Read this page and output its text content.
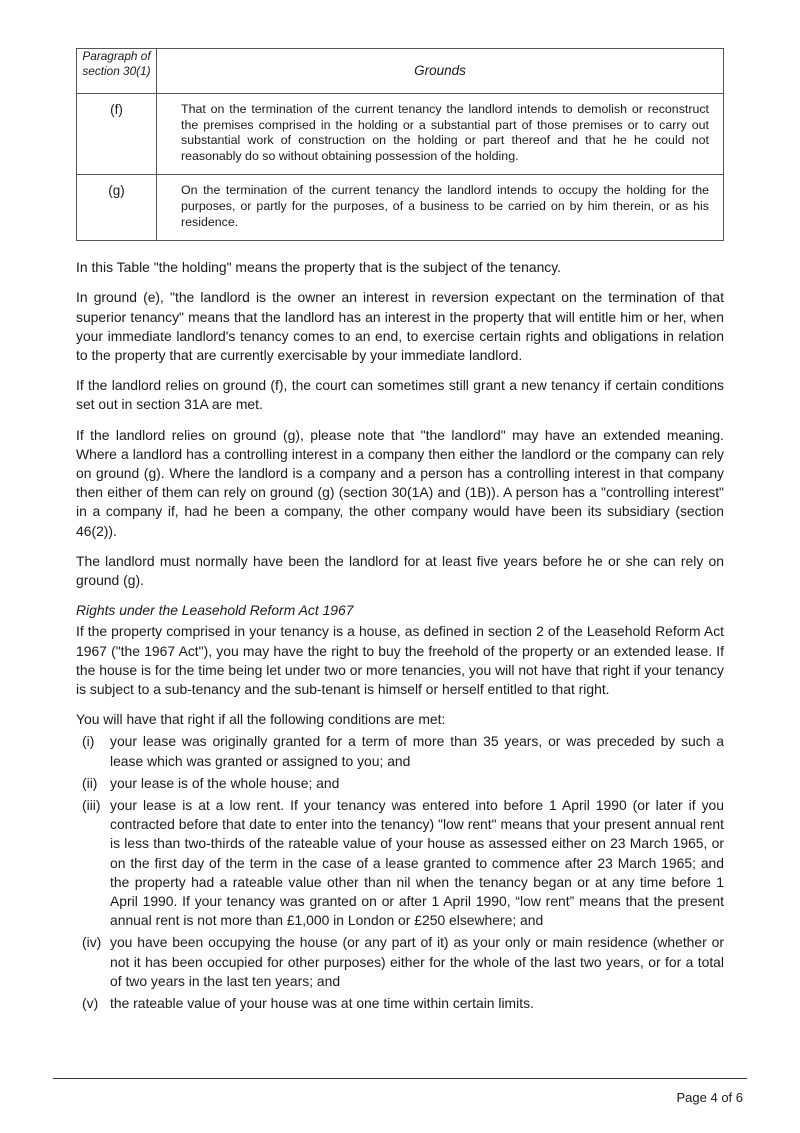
Paragraph of section 30(1)	Grounds
(f)	That on the termination of the current tenancy the landlord intends to demolish or reconstruct the premises comprised in the holding or a substantial part of those premises or to carry out substantial work of construction on the holding or part thereof and that he he could not reasonably do so without obtaining possession of the holding.
(g)	On the termination of the current tenancy the landlord intends to occupy the holding for the purposes, or partly for the purposes, of a business to be carried on by him therein, or as his residence.

In this Table "the holding" means the property that is the subject of the tenancy.

In ground (e), "the landlord is the owner an interest in reversion expectant on the termination of that superior tenancy" means that the landlord has an interest in the property that will entitle him or her, when your immediate landlord's tenancy comes to an end, to exercise certain rights and obligations in relation to the property that are currently exercisable by your immediate landlord.

If the landlord relies on ground (f), the court can sometimes still grant a new tenancy if certain conditions set out in section 31A are met.

If the landlord relies on ground (g), please note that "the landlord" may have an extended meaning. Where a landlord has a controlling interest in a company then either the landlord or the company can rely on ground (g). Where the landlord is a company and a person has a controlling interest in that company then either of them can rely on ground (g) (section 30(1A) and (1B)). A person has a "controlling interest" in a company if, had he been a company, the other company would have been its subsidiary (section 46(2)).

The landlord must normally have been the landlord for at least five years before he or she can rely on ground (g).

Rights under the Leasehold Reform Act 1967

If the property comprised in your tenancy is a house, as defined in section 2 of the Leasehold Reform Act 1967 ("the 1967 Act"), you may have the right to buy the freehold of the property or an extended lease. If the house is for the time being let under two or more tenancies, you will not have that right if your tenancy is subject to a sub-tenancy and the sub-tenant is himself or herself entitled to that right.

You will have that right if all the following conditions are met:

(i) your lease was originally granted for a term of more than 35 years, or was preceded by such a lease which was granted or assigned to you; and
(ii) your lease is of the whole house; and
(iii) your lease is at a low rent. If your tenancy was entered into before 1 April 1990 (or later if you contracted before that date to enter into the tenancy) "low rent" means that your present annual rent is less than two-thirds of the rateable value of your house as assessed either on 23 March 1965, or on the first day of the term in the case of a lease granted to commence after 23 March 1965; and the property had a rateable value other than nil when the tenancy began or at any time before 1 April 1990. If your tenancy was granted on or after 1 April 1990, “low rent” means that the present annual rent is not more than £1,000 in London or £250 elsewhere; and
(iv) you have been occupying the house (or any part of it) as your only or main residence (whether or not it has been occupied for other purposes) either for the whole of the last two years, or for a total of two years in the last ten years; and
(v) the rateable value of your house was at one time within certain limits.
Page 4 of 6
